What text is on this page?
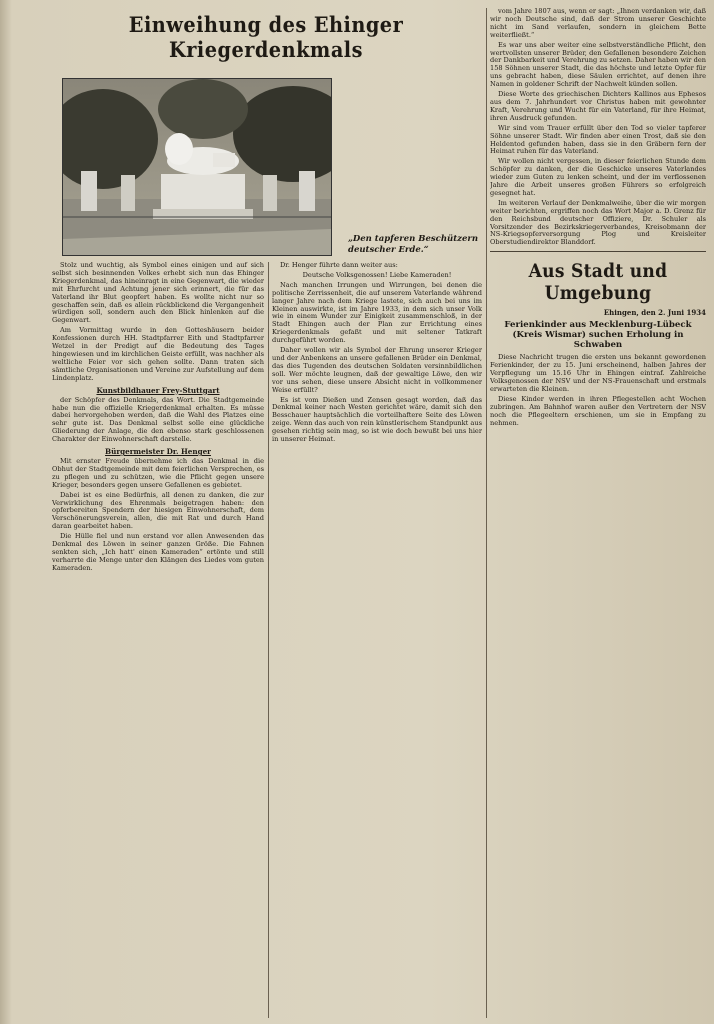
Einweihung des Ehinger Kriegerdenkmals
„Den tapferen Beschützern deutscher Erde.“

Stolz und wuchtig, als Symbol eines einigen und auf sich selbst sich besinnenden Volkes erhebt sich nun das Ehinger Kriegerdenkmal, das hineinragt in eine Gegenwart, die wieder mit Ehrfurcht und Achtung jener sich erinnert, die für das Vaterland ihr Blut geopfert haben. Es wollte nicht nur so geschaffen sein, daß es allein rückblickend die Vergangenheit würdigen soll, sondern auch den Blick hinlenken auf die Gegenwart.

Am Vormittag wurde in den Gotteshäusern beider Konfessionen durch HH. Stadtpfarrer Eith und Stadtpfarrer Wetzel in der Predigt auf die Bedeutung des Tages hingewiesen und im kirchlichen Geiste erfüllt, was nachher als weltliche Feier vor sich gehen sollte. Dann traten sich sämtliche Organisationen und Vereine zur Aufstellung auf dem Lindenplatz.

Kunstbildhauer Frey-Stuttgart

der Schöpfer des Denkmals, das Wort. Die Stadtgemeinde habe nun die offizielle Kriegerdenkmal erhalten. Es müsse dabei hervorgehoben werden, daß die Wahl des Platzes eine sehr gute ist. Das Denkmal selbst solle eine glückliche Gliederung der Anlage, die den ebenso stark geschlossenen Charakter der Einwohnerschaft darstelle.

Bürgermeister Dr. Henger

Mit ernster Freude übernehme ich das Denkmal in die Obhut der Stadtgemeinde mit dem feierlichen Versprechen, es zu pflegen und zu schützen, wie die Pflicht gegen unsere Krieger, besonders gegen unsere Gefallenen es gebietet.

Dabei ist es eine Bedürfnis, all denen zu danken, die zur Verwirklichung des Ehrenmals beigetragen haben: den opferbereiten Spendern der hiesigen Einwohnerschaft, dem Verschönerungsverein, allen, die mit Rat und durch Hand daran gearbeitet haben.

Die Hülle fiel und nun erstand vor allen Anwesenden das Denkmal des Löwen in seiner ganzen Größe. Die Fahnen senkten sich, „Ich hatt' einen Kameraden“ ertönte und still verharrte die Menge unter den Klängen des Liedes vom guten Kameraden.

Dr. Henger führte dann weiter aus:

Deutsche Volksgenossen! Liebe Kameraden!

Nach manchen Irrungen und Wirrungen, bei denen die politische Zerrissenheit, die auf unserem Vaterlande während langer Jahre nach dem Kriege lastete, sich auch bei uns im Kleinen auswirkte, ist im Jahre 1933, in dem sich unser Volk wie in einem Wunder zur Einigkeit zusammenschloß, in der Stadt Ehingen auch der Plan zur Errichtung eines Kriegerdenkmals gefaßt und mit seltener Tatkraft durchgeführt worden.

Daher wollen wir als Symbol der Ehrung unserer Krieger und der Anbenkens an unsere gefallenen Brüder ein Denkmal, das dies Tugenden des deutschen Soldaten versinnbildlichen soll. Wer möchte leugnen, daß der gewaltige Löwe, den wir vor uns sehen, diese unsere Absicht nicht in vollkommener Weise erfüllt?

Es ist vom Dießen und Zensen gesagt worden, daß das Denkmal keiner nach Westen gerichtet wäre, damit sich den Besschauer hauptsächlich die vorteilhaftere Seite des Löwen zeige. Wenn das auch von rein künstlerischem Standpunkt aus gesehen richtig sein mag, so ist wie doch bewußt bei uns hier in unserer Heimat.

vom Jahre 1807 aus, wenn er sagt: „Ihnen verdanken wir, daß wir noch Deutsche sind, daß der Strom unserer Geschichte nicht im Sand verlaufen, sondern in gleichem Bette weiterfließt.“

Es war uns aber weiter eine selbstverständliche Pflicht, den wertvollsten unserer Brüder, den Gefallenen besondere Zeichen der Dankbarkeit und Verehrung zu setzen. Daher haben wir den 158 Söhnen unserer Stadt, die das höchste und letzte Opfer für uns gebracht haben, diese Säulen errichtet, auf denen ihre Namen in goldener Schrift der Nachwelt künden sollen.

Diese Worte des griechischen Dichters Kallinos aus Ephesos aus dem 7. Jahrhundert vor Christus haben mit gewohnter Kraft, Verehrung und Wucht für ein Vaterland, für ihre Heimat, ihren Ausdruck gefunden.

Wir sind vom Trauer erfüllt über den Tod so vieler tapferer Söhne unserer Stadt. Wir finden aber einen Trost, daß sie den Heldentod gefunden haben, dass sie in den Gräbern fern der Heimat ruhen für das Vaterland.

Wir wollen nicht vergessen, in dieser feierlichen Stunde dem Schöpfer zu danken, der die Geschicke unseres Vaterlandes wieder zum Guten zu lenken scheint, und der im verflossenen Jahre die Arbeit unseres großen Führers so erfolgreich gesegnet hat.

Im weiteren Verlauf der Denkmalweihe, über die wir morgen weiter berichten, ergriffen noch das Wort Major a. D. Grenz für den Reichsbund deutscher Offiziere, Dr. Schuler als Vorsitzender des Bezirkskriegerverbandes, Kreisobmann der NS-Kriegsopferversorgung Plog und Kreisleiter Oberstudiendirektor Blanddorf.

Aus Stadt und Umgebung
Ehingen, den 2. Juni 1934
Ferienkinder aus Mecklenburg-Lübeck (Kreis Wismar) suchen Erholung in Schwaben

Diese Nachricht trugen die ersten uns bekannt gewordenen Ferienkinder, der zu 15. Juni erscheinend, halben Jahres der Verpflegung um 15.16 Uhr in Ehingen eintraf. Zahlreiche Volksgenossen der NSV und der NS-Frauenschaft und erstmals erwarteten die Kleinen.

Diese Kinder werden in ihren Pflegestellen acht Wochen zubringen. Am Bahnhof waren außer den Vertretern der NSV noch die Pflegeeltern erschienen, um sie in Empfang zu nehmen.
